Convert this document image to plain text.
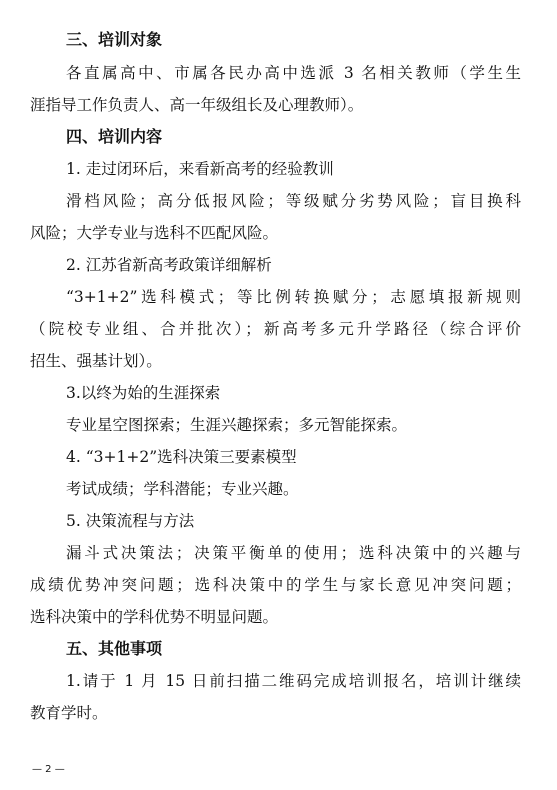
三、培训对象
各直属高中、市属各民办高中选派 3 名相关教师（学生生
涯指导工作负责人、高一年级组长及心理教师）。
四、培训内容
1. 走过闭环后，来看新高考的经验教训
滑档风险；高分低报风险；等级赋分劣势风险；盲目换科
风险；大学专业与选科不匹配风险。
2. 江苏省新高考政策详细解析
“3+1+2”选科模式；等比例转换赋分；志愿填报新规则
（院校专业组、合并批次）；新高考多元升学路径（综合评价
招生、强基计划）。
3.以终为始的生涯探索
专业星空图探索；生涯兴趣探索；多元智能探索。
4. “3+1+2”选科决策三要素模型
考试成绩；学科潜能；专业兴趣。
5. 决策流程与方法
漏斗式决策法；决策平衡单的使用；选科决策中的兴趣与
成绩优势冲突问题；选科决策中的学生与家长意见冲突问题；
选科决策中的学科优势不明显问题。
五、其他事项
1.请于 1 月 15 日前扫描二维码完成培训报名，培训计继续
教育学时。
— 2 —
